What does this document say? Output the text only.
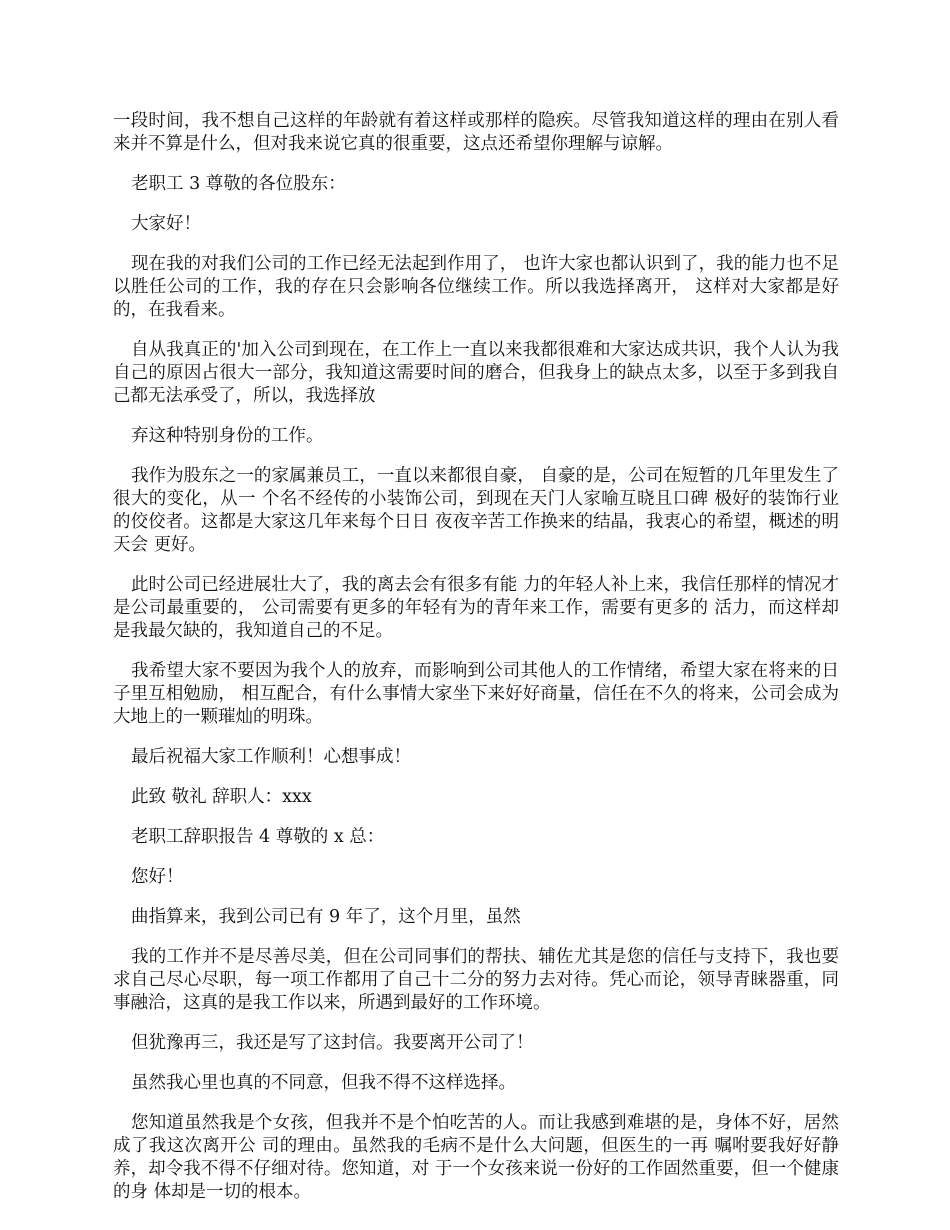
一段时间，我不想自己这样的年龄就有着这样或那样的隐疾。尽管我知道这样的理由在别人看来并不算是什么，但对我来说它真的很重要，这点还希望你理解与谅解。

老职工 3 尊敬的各位股东：

大家好！

现在我的对我们公司的工作已经无法起到作用了， 也许大家也都认识到了，我的能力也不足以胜任公司的工作，我的存在只会影响各位继续工作。所以我选择离开， 这样对大家都是好的，在我看来。

自从我真正的'加入公司到现在，在工作上一直以来我都很难和大家达成共识，我个人认为我自己的原因占很大一部分，我知道这需要时间的磨合，但我身上的缺点太多，以至于多到我自己都无法承受了，所以，我选择放

弃这种特别身份的工作。

我作为股东之一的家属兼员工，一直以来都很自豪， 自豪的是，公司在短暂的几年里发生了很大的变化，从一 个名不经传的小装饰公司，到现在天门人家喻互晓且口碑 极好的装饰行业的佼佼者。这都是大家这几年来每个日日 夜夜辛苦工作换来的结晶，我衷心的希望，概述的明天会 更好。

此时公司已经进展壮大了，我的离去会有很多有能 力的年轻人补上来，我信任那样的情况才是公司最重要的， 公司需要有更多的年轻有为的青年来工作，需要有更多的 活力，而这样却是我最欠缺的，我知道自己的不足。

我希望大家不要因为我个人的放弃，而影响到公司其他人的工作情绪，希望大家在将来的日子里互相勉励， 相互配合，有什么事情大家坐下来好好商量，信任在不久的将来，公司会成为大地上的一颗璀灿的明珠。

最后祝福大家工作顺利！心想事成！

此致 敬礼 辞职人：xxx

老职工辞职报告 4 尊敬的 x 总：

您好！

曲指算来，我到公司已有 9 年了，这个月里，虽然

我的工作并不是尽善尽美，但在公司同事们的帮扶、辅佐尤其是您的信任与支持下，我也要求自己尽心尽职，每一项工作都用了自己十二分的努力去对待。凭心而论，领导青睐器重，同事融洽，这真的是我工作以来，所遇到最好的工作环境。

但犹豫再三，我还是写了这封信。我要离开公司了！

虽然我心里也真的不同意，但我不得不这样选择。

您知道虽然我是个女孩，但我并不是个怕吃苦的人。而让我感到难堪的是，身体不好，居然成了我这次离开公 司的理由。虽然我的毛病不是什么大问题，但医生的一再 嘱咐要我好好静养，却令我不得不仔细对待。您知道，对 于一个女孩来说一份好的工作固然重要，但一个健康的身 体却是一切的根本。
